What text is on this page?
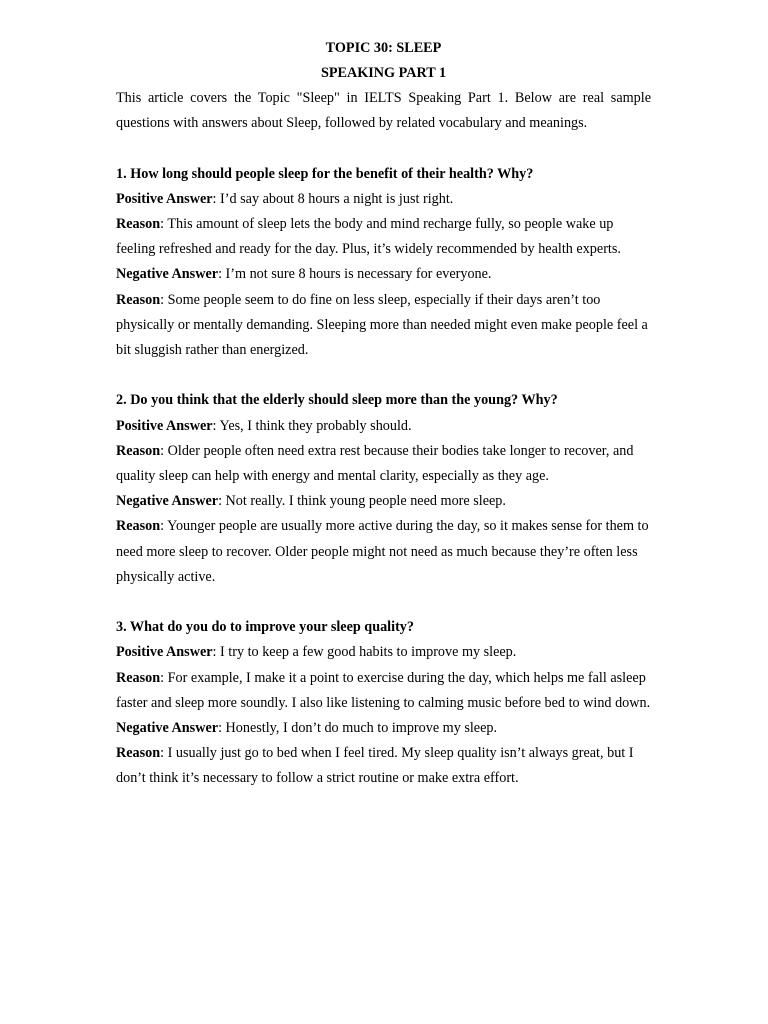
TOPIC 30: SLEEP

SPEAKING PART 1

This article covers the Topic "Sleep" in IELTS Speaking Part 1. Below are real sample questions with answers about Sleep, followed by related vocabulary and meanings.

1. How long should people sleep for the benefit of their health? Why?

Positive Answer: I’d say about 8 hours a night is just right.

Reason: This amount of sleep lets the body and mind recharge fully, so people wake up feeling refreshed and ready for the day. Plus, it’s widely recommended by health experts.

Negative Answer: I’m not sure 8 hours is necessary for everyone.

Reason: Some people seem to do fine on less sleep, especially if their days aren’t too physically or mentally demanding. Sleeping more than needed might even make people feel a bit sluggish rather than energized.

2. Do you think that the elderly should sleep more than the young? Why?

Positive Answer: Yes, I think they probably should.

Reason: Older people often need extra rest because their bodies take longer to recover, and quality sleep can help with energy and mental clarity, especially as they age.

Negative Answer: Not really. I think young people need more sleep.

Reason: Younger people are usually more active during the day, so it makes sense for them to need more sleep to recover. Older people might not need as much because they’re often less physically active.

3. What do you do to improve your sleep quality?

Positive Answer: I try to keep a few good habits to improve my sleep.

Reason: For example, I make it a point to exercise during the day, which helps me fall asleep faster and sleep more soundly. I also like listening to calming music before bed to wind down.

Negative Answer: Honestly, I don’t do much to improve my sleep.

Reason: I usually just go to bed when I feel tired. My sleep quality isn’t always great, but I don’t think it’s necessary to follow a strict routine or make extra effort.
